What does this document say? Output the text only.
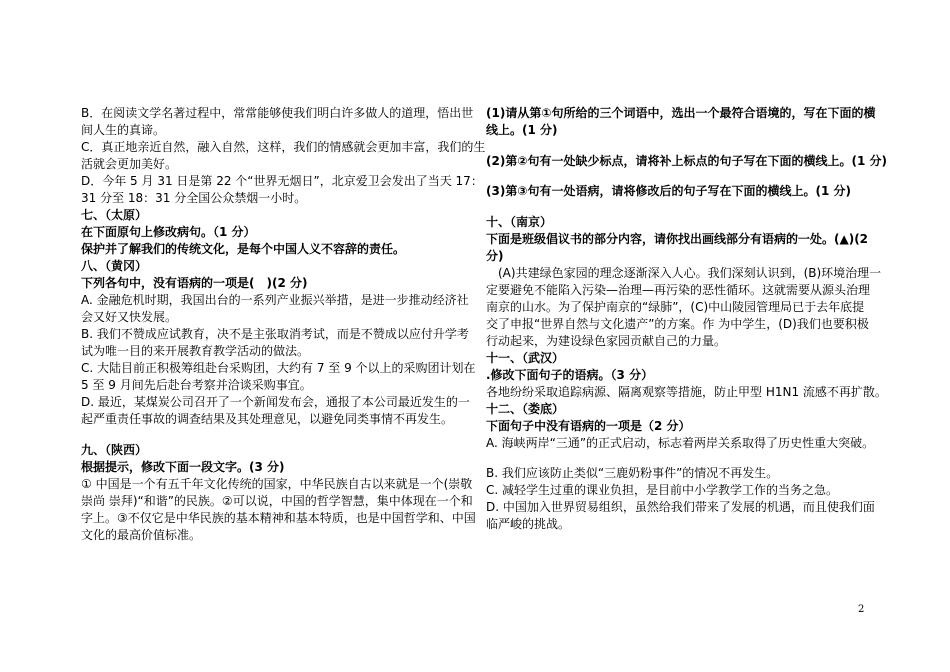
B．在阅读文学名著过程中，常常能够使我们明白许多做人的道理，悟出世
间人生的真谛。
C．真正地亲近自然，融入自然，这样，我们的情感就会更加丰富，我们的生
活就会更加美好。
D．今年 5 月 31 日是第 22 个“世界无烟日”，北京爱卫会发出了当天 17：
31 分至 18：31 分全国公众禁烟一小时。
七、（太原）
在下面原句上修改病句。（1 分）
保护并了解我们的传统文化，是每个中国人义不容辞的责任。
八、（黄冈）
下列各句中，没有语病的一项是(　)(2 分)
A. 金融危机时期，我国出台的一系列产业振兴举措，是进一步推动经济社
会又好又快发展。
B. 我们不赞成应试教育，决不是主张取消考试，而是不赞成以应付升学考
试为唯一目的来开展教育教学活动的做法。
C. 大陆目前正积极筹组赴台采购团，大约有 7 至 9 个以上的采购团计划在
5 至 9 月间先后赴台考察并洽谈采购事宜。
D. 最近，某煤炭公司召开了一个新闻发布会，通报了本公司最近发生的一
起严重责任事故的调查结果及其处理意见，以避免同类事情不再发生。
九、（陕西）
根据提示，修改下面一段文字。(3 分)
① 中国是一个有五千年文化传统的国家，中华民族自古以来就是一个(崇敬
崇尚 崇拜)“和谐”的民族。②可以说，中国的哲学智慧，集中体现在一个和
字上。③不仅它是中华民族的基本精神和基本特质，也是中国哲学和、中国
文化的最高价值标准。
(1)请从第①句所给的三个词语中，选出一个最符合语境的，写在下面的横
线上。(1 分)
(2)第②句有一处缺少标点，请将补上标点的句子写在下面的横线上。(1 分)
(3)第③句有一处语病，请将修改后的句子写在下面的横线上。(1 分)
十、（南京）
下面是班级倡议书的部分内容，请你找出画线部分有语病的一处。(▲)(2
分)
　(A)共建绿色家园的理念逐渐深入人心。我们深刻认识到，(B)环境治理一
定要避免不能陷入污染—治理—再污染的恶性循环。这就需要从源头治理
南京的山水。为了保护南京的“绿肺”，(C)中山陵园管理局已于去年底提
交了申报“世界自然与文化遗产”的方案。作 为中学生，(D)我们也要积极
行动起来，为建设绿色家园贡献自己的力量。
十一、（武汉）
.修改下面句子的语病。（3 分）
各地纷纷采取追踪病源、隔离观察等措施，防止甲型 H1N1 流感不再扩散。
十二、（娄底）
下面句子中没有语病的一项是（2 分）
A. 海峡两岸“三通”的正式启动，标志着两岸关系取得了历史性重大突破。
B. 我们应该防止类似“三鹿奶粉事件”的情况不再发生。
C. 减轻学生过重的课业负担，是目前中小学教学工作的当务之急。
D. 中国加入世界贸易组织，虽然给我们带来了发展的机遇，而且使我们面
临严峻的挑战。
2
